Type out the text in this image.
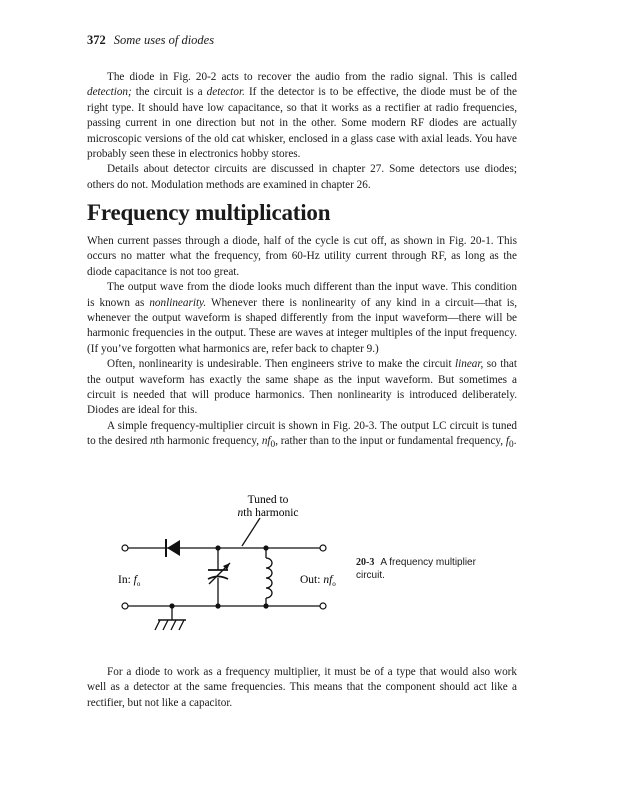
372 Some uses of diodes

The diode in Fig. 20-2 acts to recover the audio from the radio signal. This is called detection; the circuit is a detector. If the detector is to be effective, the diode must be of the right type. It should have low capacitance, so that it works as a rectifier at radio frequencies, passing current in one direction but not in the other. Some modern RF diodes are actually microscopic versions of the old cat whisker, enclosed in a glass case with axial leads. You have probably seen these in electronics hobby stores.

Details about detector circuits are discussed in chapter 27. Some detectors use diodes; others do not. Modulation methods are examined in chapter 26.

Frequency multiplication

When current passes through a diode, half of the cycle is cut off, as shown in Fig. 20-1. This occurs no matter what the frequency, from 60-Hz utility current through RF, as long as the diode capacitance is not too great.

The output wave from the diode looks much different than the input wave. This condition is known as nonlinearity. Whenever there is nonlinearity of any kind in a circuit—that is, whenever the output waveform is shaped differently from the input waveform—there will be harmonic frequencies in the output. These are waves at integer multiples of the input frequency. (If you’ve forgotten what harmonics are, refer back to chapter 9.)

Often, nonlinearity is undesirable. Then engineers strive to make the circuit linear, so that the output waveform has exactly the same shape as the input waveform. But sometimes a circuit is needed that will produce harmonics. Then nonlinearity is introduced deliberately. Diodes are ideal for this.

A simple frequency-multiplier circuit is shown in Fig. 20-3. The output LC circuit is tuned to the desired nth harmonic frequency, $nf_0$, rather than to the input or fundamental frequency, $f_0$.

Tuned to
nth harmonic
In: $f_o$	Out: $nf_o$
20-3 A frequency multiplier circuit.

For a diode to work as a frequency multiplier, it must be of a type that would also work well as a detector at the same frequencies. This means that the component should act like a rectifier, but not like a capacitor.
